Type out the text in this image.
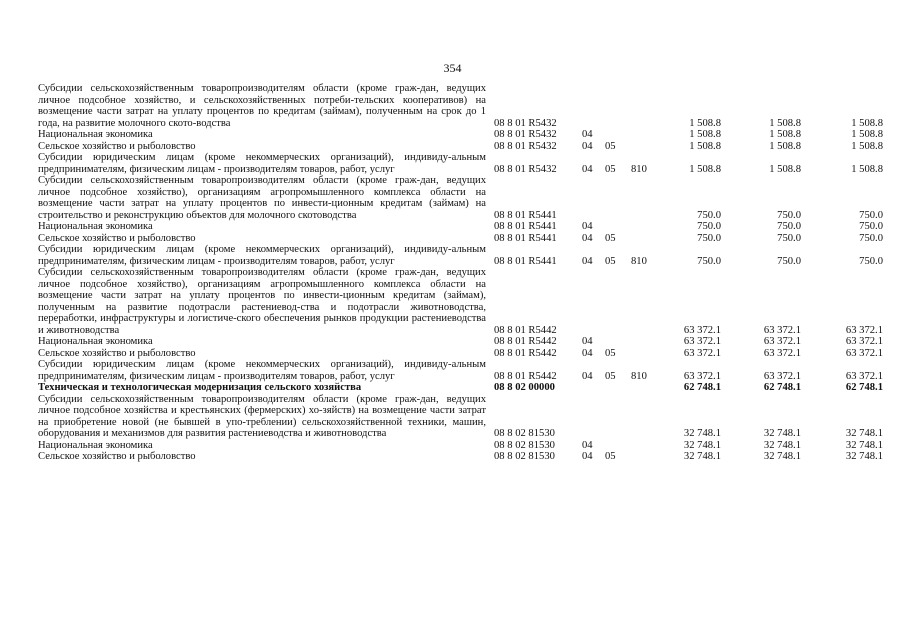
354
Субсидии сельскохозяйственным товаропроизводителям области (кроме граж-дан, ведущих личное подсобное хозяйство, и сельскохозяйственных потреби-тельских кооперативов) на возмещение части затрат на уплату процентов по кредитам (займам), полученным на срок до 1 года, на развитие молочного ското-водства	08 8 01 R5432	1 508.8	1 508.8	1 508.8
Национальная экономика	08 8 01 R5432 04	1 508.8	1 508.8	1 508.8
Сельское хозяйство и рыболовство	08 8 01 R5432 04 05	1 508.8	1 508.8	1 508.8
Субсидии юридическим лицам (кроме некоммерческих организаций), индивиду-альным предпринимателям, физическим лицам - производителям товаров, работ, услуг	08 8 01 R5432 04 05 810	1 508.8	1 508.8	1 508.8
Субсидии сельскохозяйственным товаропроизводителям области (кроме граж-дан, ведущих личное подсобное хозяйство), организациям агропромышленного комплекса области на возмещение части затрат на уплату процентов по инвести-ционным кредитам (займам) на строительство и реконструкцию объектов для молочного скотоводства	08 8 01 R5441	750.0	750.0	750.0
Национальная экономика	08 8 01 R5441 04	750.0	750.0	750.0
Сельское хозяйство и рыболовство	08 8 01 R5441 04 05	750.0	750.0	750.0
Субсидии юридическим лицам (кроме некоммерческих организаций), индивиду-альным предпринимателям, физическим лицам - производителям товаров, работ, услуг	08 8 01 R5441 04 05 810	750.0	750.0	750.0
Субсидии сельскохозяйственным товаропроизводителям области (кроме граж-дан, ведущих личное подсобное хозяйство), организациям агропромышленного комплекса области на возмещение части затрат на уплату процентов по инвести-ционным кредитам (займам), полученным на развитие подотрасли растениевод-ства и подотрасли животноводства, переработки, инфраструктуры и логистиче-ского обеспечения рынков продукции растениеводства и животноводства	08 8 01 R5442	63 372.1	63 372.1	63 372.1
Национальная экономика	08 8 01 R5442 04	63 372.1	63 372.1	63 372.1
Сельское хозяйство и рыболовство	08 8 01 R5442 04 05	63 372.1	63 372.1	63 372.1
Субсидии юридическим лицам (кроме некоммерческих организаций), индивиду-альным предпринимателям, физическим лицам - производителям товаров, работ, услуг	08 8 01 R5442 04 05 810	63 372.1	63 372.1	63 372.1
Техническая и технологическая модернизация сельского хозяйства	08 8 02 00000	62 748.1	62 748.1	62 748.1
Субсидии сельскохозяйственным товаропроизводителям области (кроме граж-дан, ведущих личное подсобное хозяйства и крестьянских (фермерских) хо-зяйств) на возмещение части затрат на приобретение новой (не бывшей в упо-треблении) сельскохозяйственной техники, машин, оборудования и механизмов для развития растениеводства и животноводства	08 8 02 81530	32 748.1	32 748.1	32 748.1
Национальная экономика	08 8 02 81530	04	32 748.1	32 748.1	32 748.1
Сельское хозяйство и рыболовство	08 8 02 81530	04 05	32 748.1	32 748.1	32 748.1
